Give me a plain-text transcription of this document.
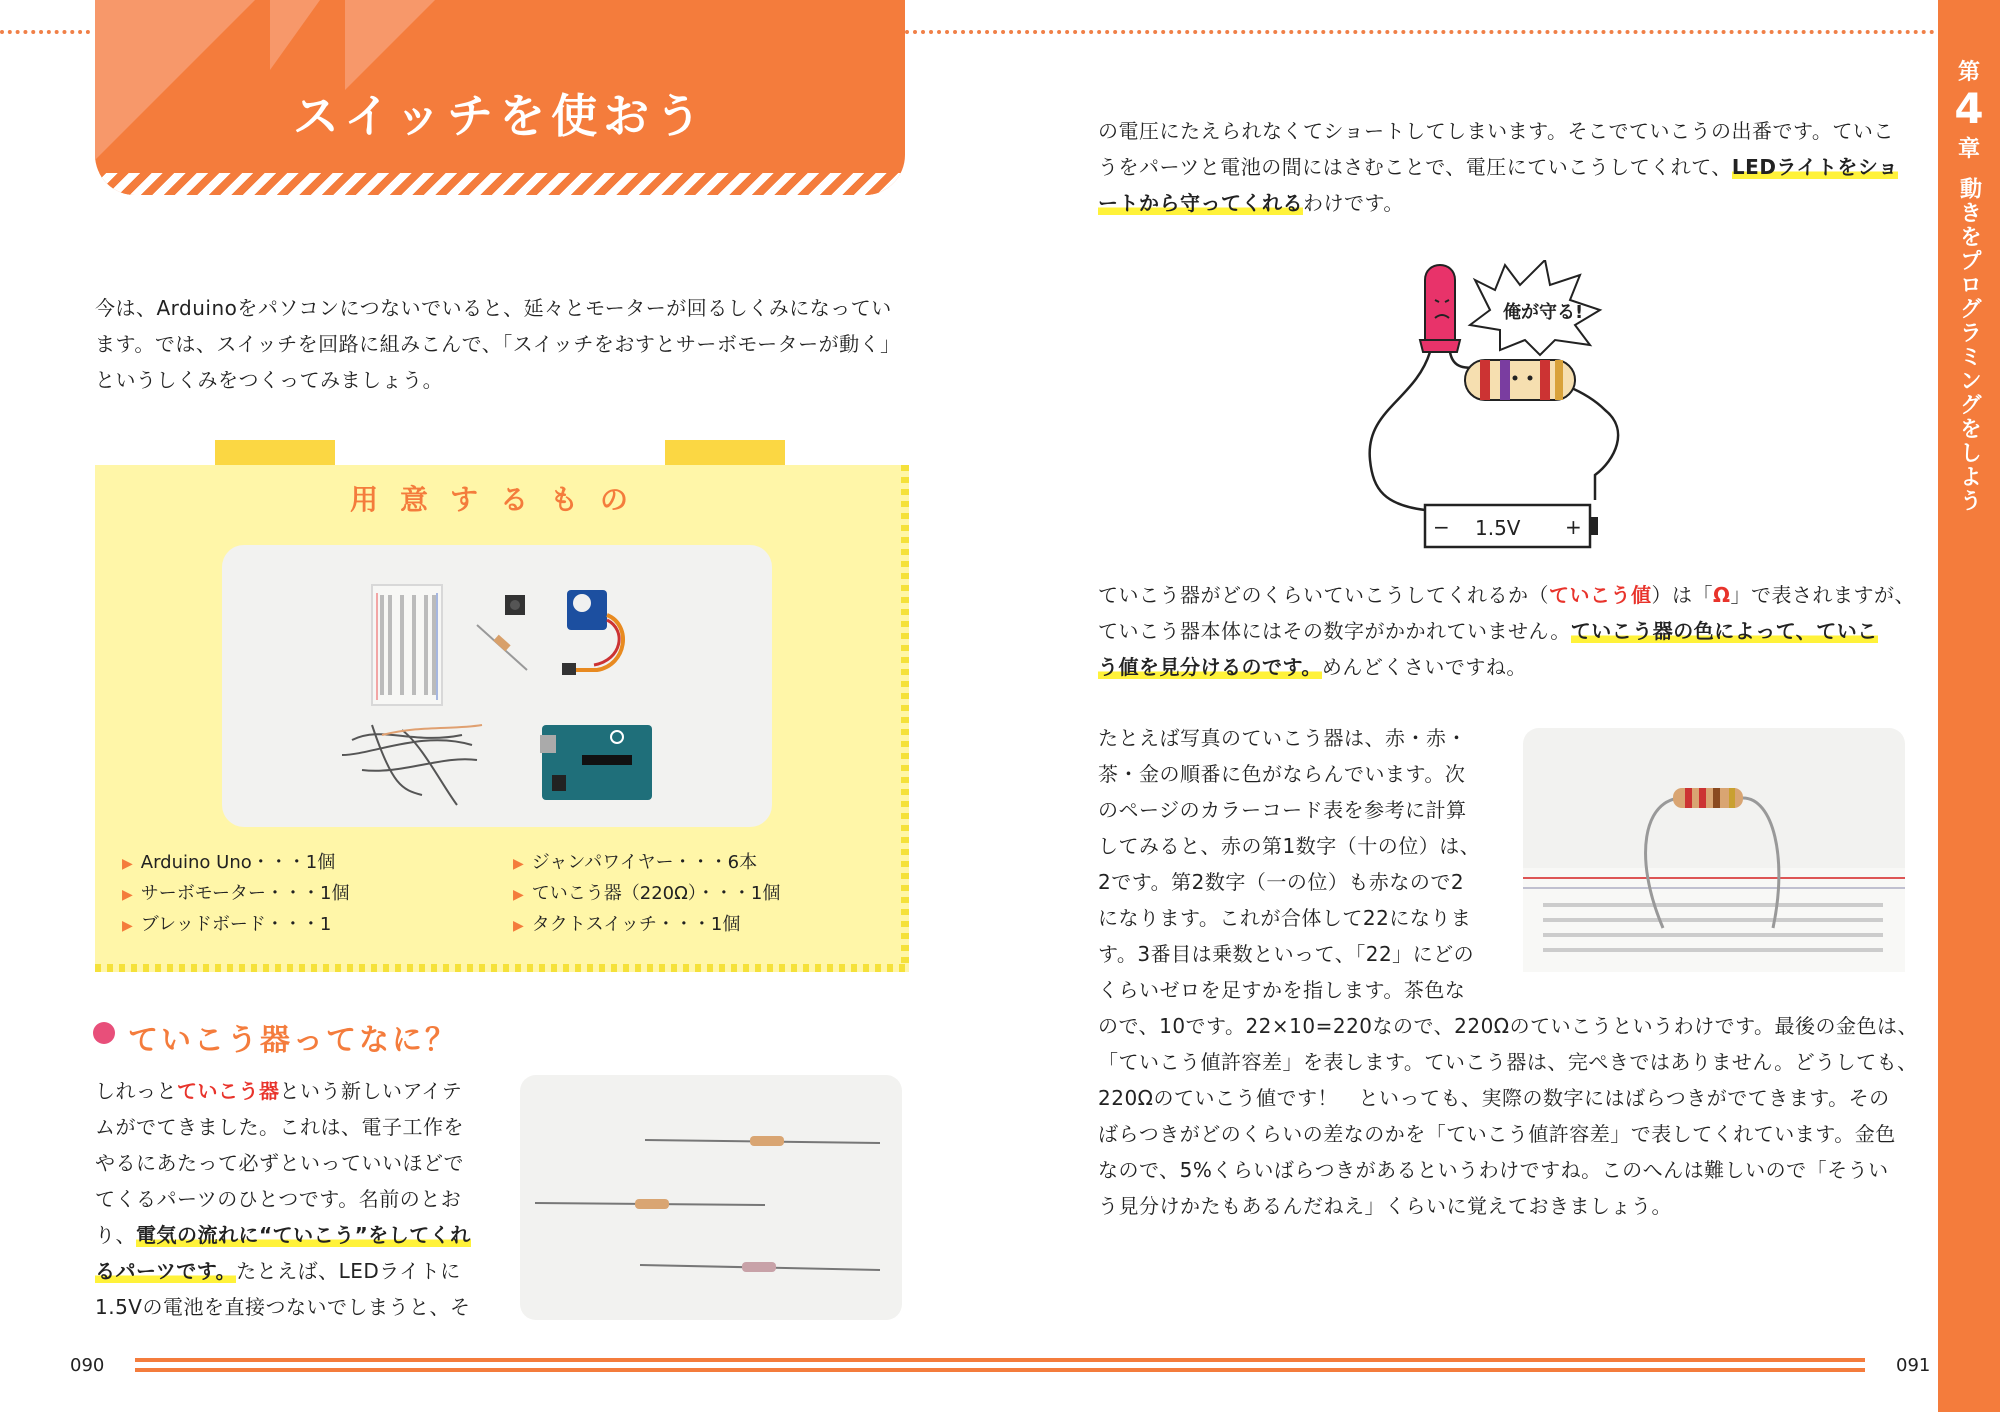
スイッチを使おう
第
4
章
動きをプログラミングをしよう
今は、Arduinoをパソコンにつないでいると、延々とモーターが回るしくみになってい
ます。では、スイッチを回路に組みこんで、「スイッチをおすとサーボモーターが動く」
というしくみをつくってみましょう。
用意するもの
▶ Arduino Uno・・・1個
▶ サーボモーター・・・1個
▶ ブレッドボード・・・1
▶ ジャンパワイヤー・・・6本
▶ ていこう器（220Ω）・・・1個
▶ タクトスイッチ・・・1個
ていこう器ってなに？
しれっとていこう器という新しいアイテ
ムがでてきました。これは、電子工作を
やるにあたって必ずといっていいほどで
てくるパーツのひとつです。名前のとお
り、電気の流れに“ていこう”をしてくれ
るパーツです。たとえば、LEDライトに
1.5Vの電池を直接つないでしまうと、そ
の電圧にたえられなくてショートしてしまいます。そこでていこうの出番です。ていこ
うをパーツと電池の間にはさむことで、電圧にていこうしてくれて、LEDライトをショ
ートから守ってくれるわけです。
俺が守る!
−	+
1.5V
ていこう器がどのくらいていこうしてくれるか（ていこう値）は「Ω」で表されますが、
ていこう器本体にはその数字がかかれていません。ていこう器の色によって、ていこ
う値を見分けるのです。めんどくさいですね。
たとえば写真のていこう器は、赤・赤・
茶・金の順番に色がならんでいます。次
のページのカラーコード表を参考に計算
してみると、赤の第1数字（十の位）は、
2です。第2数字（一の位）も赤なので2
になります。これが合体して22になりま
す。3番目は乗数といって、「22」にどの
くらいゼロを足すかを指します。茶色な
ので、10です。22×10=220なので、220Ωのていこうというわけです。最後の金色は、
「ていこう値許容差」を表します。ていこう器は、完ぺきではありません。どうしても、
220Ωのていこう値です！　といっても、実際の数字にはばらつきがでてきます。その
ばらつきがどのくらいの差なのかを「ていこう値許容差」で表してくれています。金色
なので、5%くらいばらつきがあるというわけですね。このへんは難しいので「そうい
う見分けかたもあるんだねえ」くらいに覚えておきましょう。
090	091
